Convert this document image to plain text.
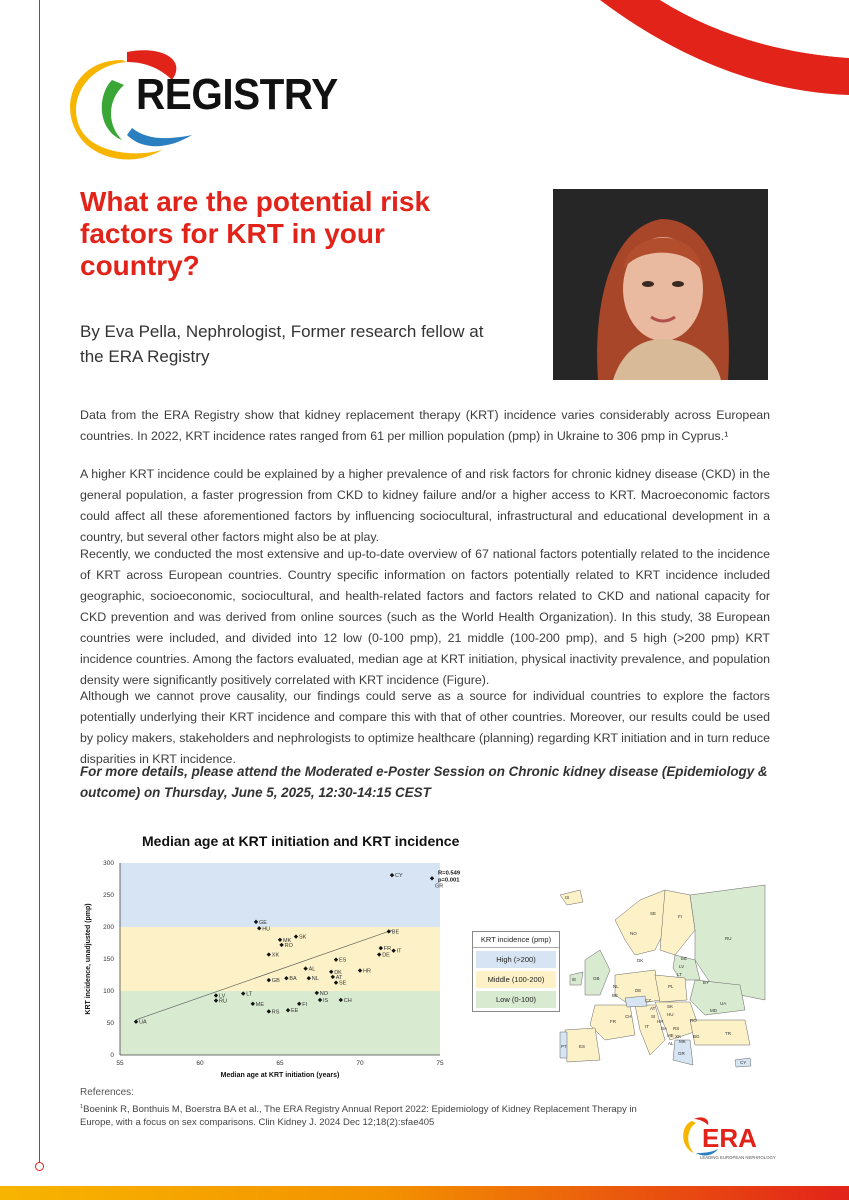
REGISTRY
What are the potential risk factors for KRT in your country?
By Eva Pella, Nephrologist, Former research fellow at the ERA Registry

Data from the ERA Registry show that kidney replacement therapy (KRT) incidence varies considerably across European countries. In 2022, KRT incidence rates ranged from 61 per million population (pmp) in Ukraine to 306 pmp in Cyprus.¹

A higher KRT incidence could be explained by a higher prevalence of and risk factors for chronic kidney disease (CKD) in the general population, a faster progression from CKD to kidney failure and/or a higher access to KRT. Macroeconomic factors could affect all these aforementioned factors by influencing sociocultural, infrastructural and educational development in a country, but several other factors might also be at play.

Recently, we conducted the most extensive and up-to-date overview of 67 national factors potentially related to the incidence of KRT across European countries. Country specific information on factors potentially related to KRT incidence included geographic, socioeconomic, sociocultural, and health-related factors and factors related to CKD and national capacity for CKD prevention and was derived from online sources (such as the World Health Organization). In this study, 38 European countries were included, and divided into 12 low (0-100 pmp), 21 middle (100-200 pmp), and 5 high (>200 pmp) KRT incidence countries. Among the factors evaluated, median age at KRT initiation, physical inactivity prevalence, and population density were significantly positively correlated with KRT incidence (Figure).

Although we cannot prove causality, our findings could serve as a source for individual countries to explore the factors potentially underlying their KRT incidence and compare this with that of other countries. Moreover, our results could be used by policy makers, stakeholders and nephrologists to optimize healthcare (planning) regarding KRT initiation and in turn reduce disparities in KRT incidence.

For more details, please attend the Moderated e-Poster Session on Chronic kidney disease (Epidemiology & outcome) on Thursday, June 5, 2025, 12:30-14:15 CEST

Median age at KRT initiation and KRT incidence
55	60	65	70	75
0
50
100
150
200
250
300
UA
LV
RU
LT
ME
RS EE
FI
NO
IS	CH
GB BA	NL
AL
DK
AT
SE
ES
HR
XK
RO
MK
SK
HU
GE
FR
DE
IT
BE
CY
GR
R=0.549
p=0.001
Median age at KRT initiation (years)
KRT incidence, unadjusted (pmp)	KRT incidence (pmp)
High (>200)
Middle (100-200)
Low (0-100)
IS
NO
SE
FI
RU
EE
LV
LT
BY
GB
IE
DK
NL
BE
DE
PL
UA
FR
CH
AT
CZ
SK
HU
RO
MD
ES
PT
IT
SI
HR
BA RS
BG
GR
TR
MK
AL
ME XK
CY
References:
$^1$Boenink R, Bonthuis M, Boerstra BA et al., The ERA Registry Annual Report 2022: Epidemiology of Kidney Replacement Therapy in Europe, with a focus on sex comparisons. Clin Kidney J. 2024 Dec 12;18(2):sfae405
ERA
LEADING EUROPEAN NEPHROLOGY
